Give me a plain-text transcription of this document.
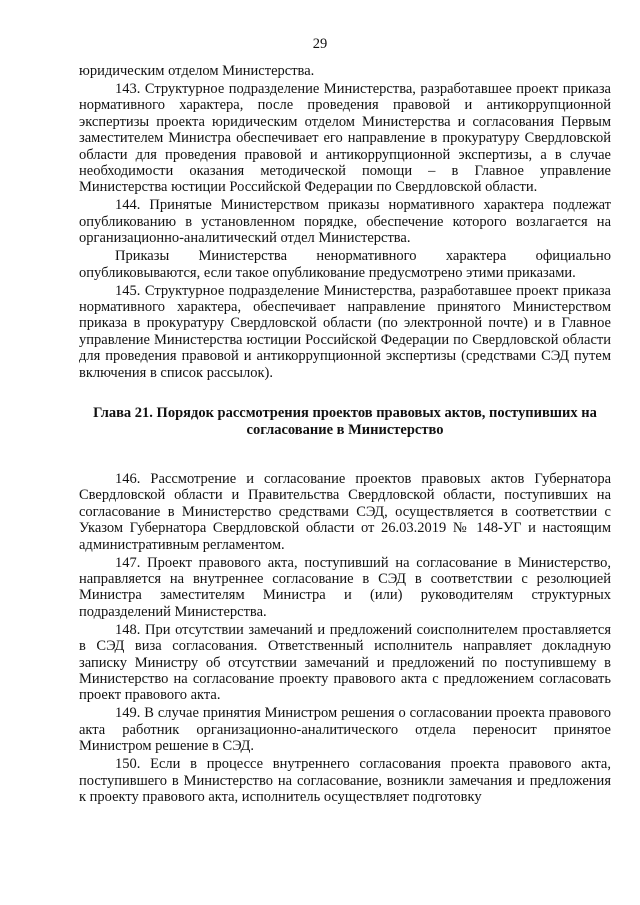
29

юридическим отделом Министерства.

143. Структурное подразделение Министерства, разработавшее проект приказа нормативного характера, после проведения правовой и антикоррупционной экспертизы проекта юридическим отделом Министерства и согласования Первым заместителем Министра обеспечивает его направление в прокуратуру Свердловской области для проведения правовой и антикоррупционной экспертизы, а в случае необходимости оказания методической помощи – в Главное управление Министерства юстиции Российской Федерации по Свердловской области.

144. Принятые Министерством приказы нормативного характера подлежат опубликованию в установленном порядке, обеспечение которого возлагается на организационно-аналитический отдел Министерства.

Приказы Министерства ненормативного характера официально опубликовываются, если такое опубликование предусмотрено этими приказами.

145. Структурное подразделение Министерства, разработавшее проект приказа нормативного характера, обеспечивает направление принятого Министерством приказа в прокуратуру Свердловской области (по электронной почте) и в Главное управление Министерства юстиции Российской Федерации по Свердловской области для проведения правовой и антикоррупционной экспертизы (средствами СЭД путем включения в список рассылок).

Глава 21. Порядок рассмотрения проектов правовых актов, поступивших на
согласование в Министерство

146. Рассмотрение и согласование проектов правовых актов Губернатора Свердловской области и Правительства Свердловской области, поступивших на согласование в Министерство средствами СЭД, осуществляется в соответствии с Указом Губернатора Свердловской области от 26.03.2019 № 148-УГ и настоящим административным регламентом.

147. Проект правового акта, поступивший на согласование в Министерство, направляется на внутреннее согласование в СЭД в соответствии с резолюцией Министра заместителям Министра и (или) руководителям структурных подразделений Министерства.

148. При отсутствии замечаний и предложений соисполнителем проставляется в СЭД виза согласования. Ответственный исполнитель направляет докладную записку Министру об отсутствии замечаний и предложений по поступившему в Министерство на согласование проекту правового акта с предложением согласовать проект правового акта.

149. В случае принятия Министром решения о согласовании проекта правового акта работник организационно-аналитического отдела переносит принятое Министром решение в СЭД.

150. Если в процессе внутреннего согласования проекта правового акта, поступившего в Министерство на согласование, возникли замечания и предложения к проекту правового акта, исполнитель осуществляет подготовку
